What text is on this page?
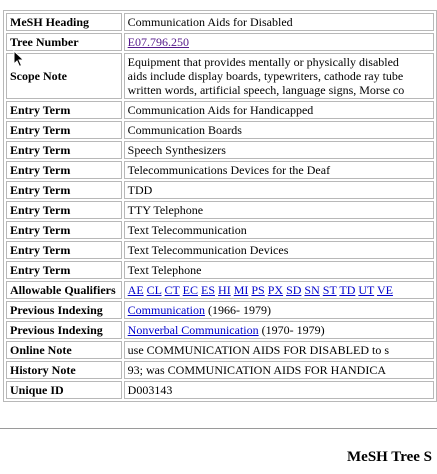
MeSH Heading	Communication Aids for Disabled
Tree Number	E07.796.250
Scope Note	Equipment that provides mentally or physically disabled
aids include display boards, typewriters, cathode ray tube
written words, artificial speech, language signs, Morse co

Entry Term	Communication Aids for Handicapped
Entry Term	Communication Boards
Entry Term	Speech Synthesizers
Entry Term	Telecommunications Devices for the Deaf
Entry Term	TDD
Entry Term	TTY Telephone
Entry Term	Text Telecommunication
Entry Term	Text Telecommunication Devices
Entry Term	Text Telephone
Allowable Qualifiers	AE CL CT EC ES HI MI PS PX SD SN ST TD UT VE
Previous Indexing	Communication (1966- 1979)
Previous Indexing	Nonverbal Communication (1970- 1979)
Online Note	use COMMUNICATION AIDS FOR DISABLED to s
History Note	93; was COMMUNICATION AIDS FOR HANDICA
Unique ID	D003143
MeSH Tree S
